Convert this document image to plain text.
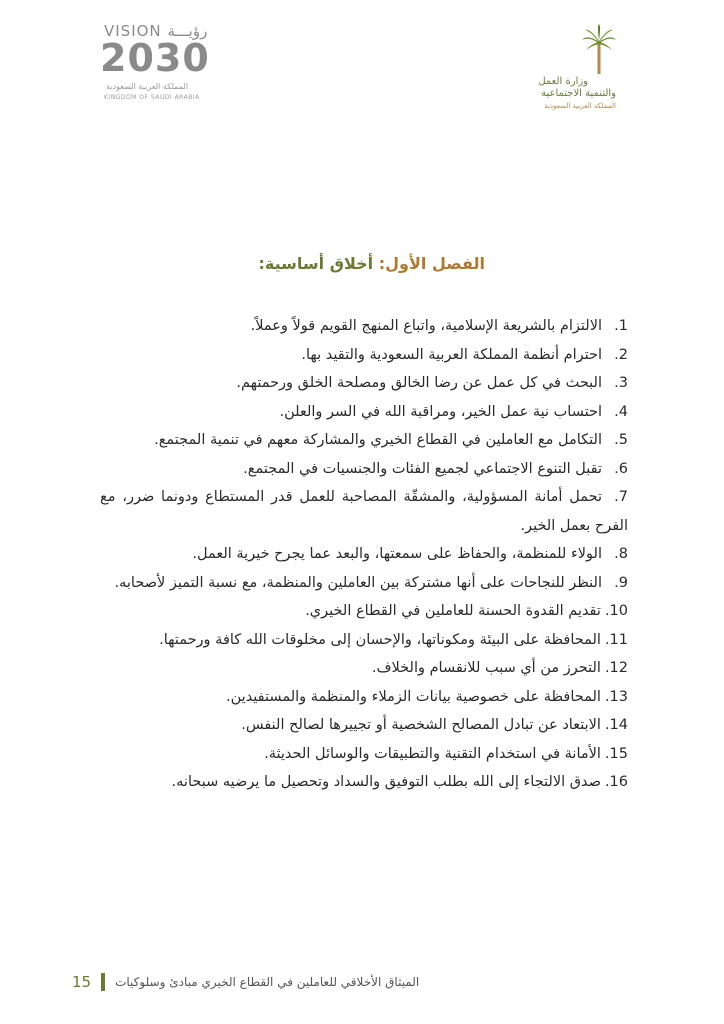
VISION رؤيـــة
2030
المملكة العربية السعودية
KINGDOM OF SAUDI ARABIA
وزارة العمل
والتنمية الاجتماعية
المملكة العربية السعودية
الفصل الأول: أخلاق أساسية:
1.الالتزام بالشريعة الإسلامية، واتباع المنهج القويم قولاً وعملاً.
2.احترام أنظمة المملكة العربية السعودية والتقيد بها.
3.البحث في كل عمل عن رضا الخالق ومصلحة الخلق ورحمتهم.
4.احتساب نية عمل الخير، ومراقبة الله في السر والعلن.
5.التكامل مع العاملين في القطاع الخيري والمشاركة معهم في تنمية المجتمع.
6.تقبل التنوع الاجتماعي لجميع الفئات والجنسيات في المجتمع.
7.تحمل أمانة المسؤولية، والمشقّة المصاحبة للعمل قدر المستطاع ودونما ضرر، مع الفرح بعمل الخير.
8.الولاء للمنظمة، والحفاظ على سمعتها، والبعد عما يجرح خيرية العمل.
9.النظر للنجاحات على أنها مشتركة بين العاملين والمنظمة، مع نسبة التميز لأصحابه.
10.تقديم القدوة الحسنة للعاملين في القطاع الخيري.
11.المحافظة على البيئة ومكوناتها، والإحسان إلى مخلوقات الله كافة ورحمتها.
12.التحرز من أي سبب للانقسام والخلاف.
13.المحافظة على خصوصية بيانات الزملاء والمنظمة والمستفيدين.
14.الابتعاد عن تبادل المصالح الشخصية أو تجييرها لصالح النفس.
15.الأمانة في استخدام التقنية والتطبيقات والوسائل الحديثة.
16.صدق الالتجاء إلى الله بطلب التوفيق والسداد وتحصيل ما يرضيه سبحانه.
15 الميثاق الأخلاقي للعاملين في القطاع الخيري مبادئ وسلوكيات
